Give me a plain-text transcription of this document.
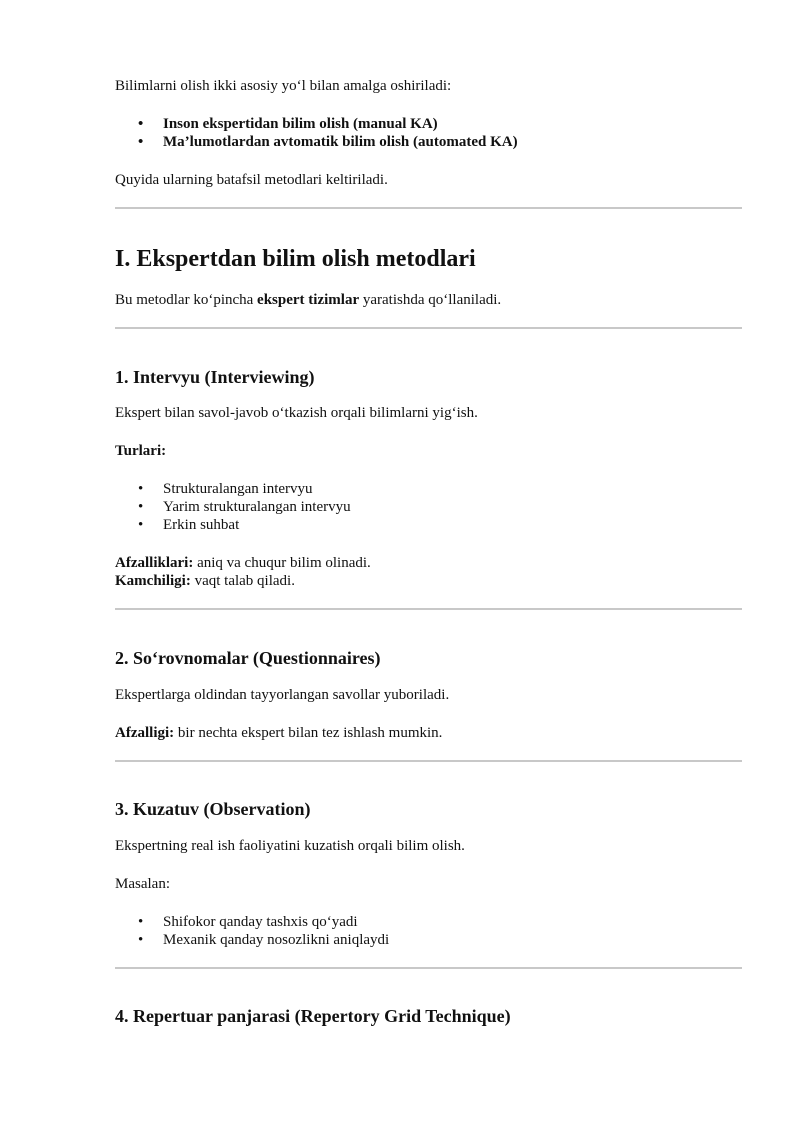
Bilimlarni olish ikki asosiy yo‘l bilan amalga oshiriladi:
• Inson ekspertidan bilim olish (manual KA)
• Ma’lumotlardan avtomatik bilim olish (automated KA)
Quyida ularning batafsil metodlari keltiriladi.
I. Ekspertdan bilim olish metodlari
Bu metodlar ko‘pincha ekspert tizimlar yaratishda qo‘llaniladi.
1. Intervyu (Interviewing)
Ekspert bilan savol-javob o‘tkazish orqali bilimlarni yig‘ish.
Turlari:
• Strukturalangan intervyu
• Yarim strukturalangan intervyu
• Erkin suhbat
Afzalliklari: aniq va chuqur bilim olinadi.
Kamchiligi: vaqt talab qiladi.
2. So‘rovnomalar (Questionnaires)
Ekspertlarga oldindan tayyorlangan savollar yuboriladi.
Afzalligi: bir nechta ekspert bilan tez ishlash mumkin.
3. Kuzatuv (Observation)
Ekspertning real ish faoliyatini kuzatish orqali bilim olish.
Masalan:
• Shifokor qanday tashxis qo‘yadi
• Mexanik qanday nosozlikni aniqlaydi
4. Repertuar panjarasi (Repertory Grid Technique)
